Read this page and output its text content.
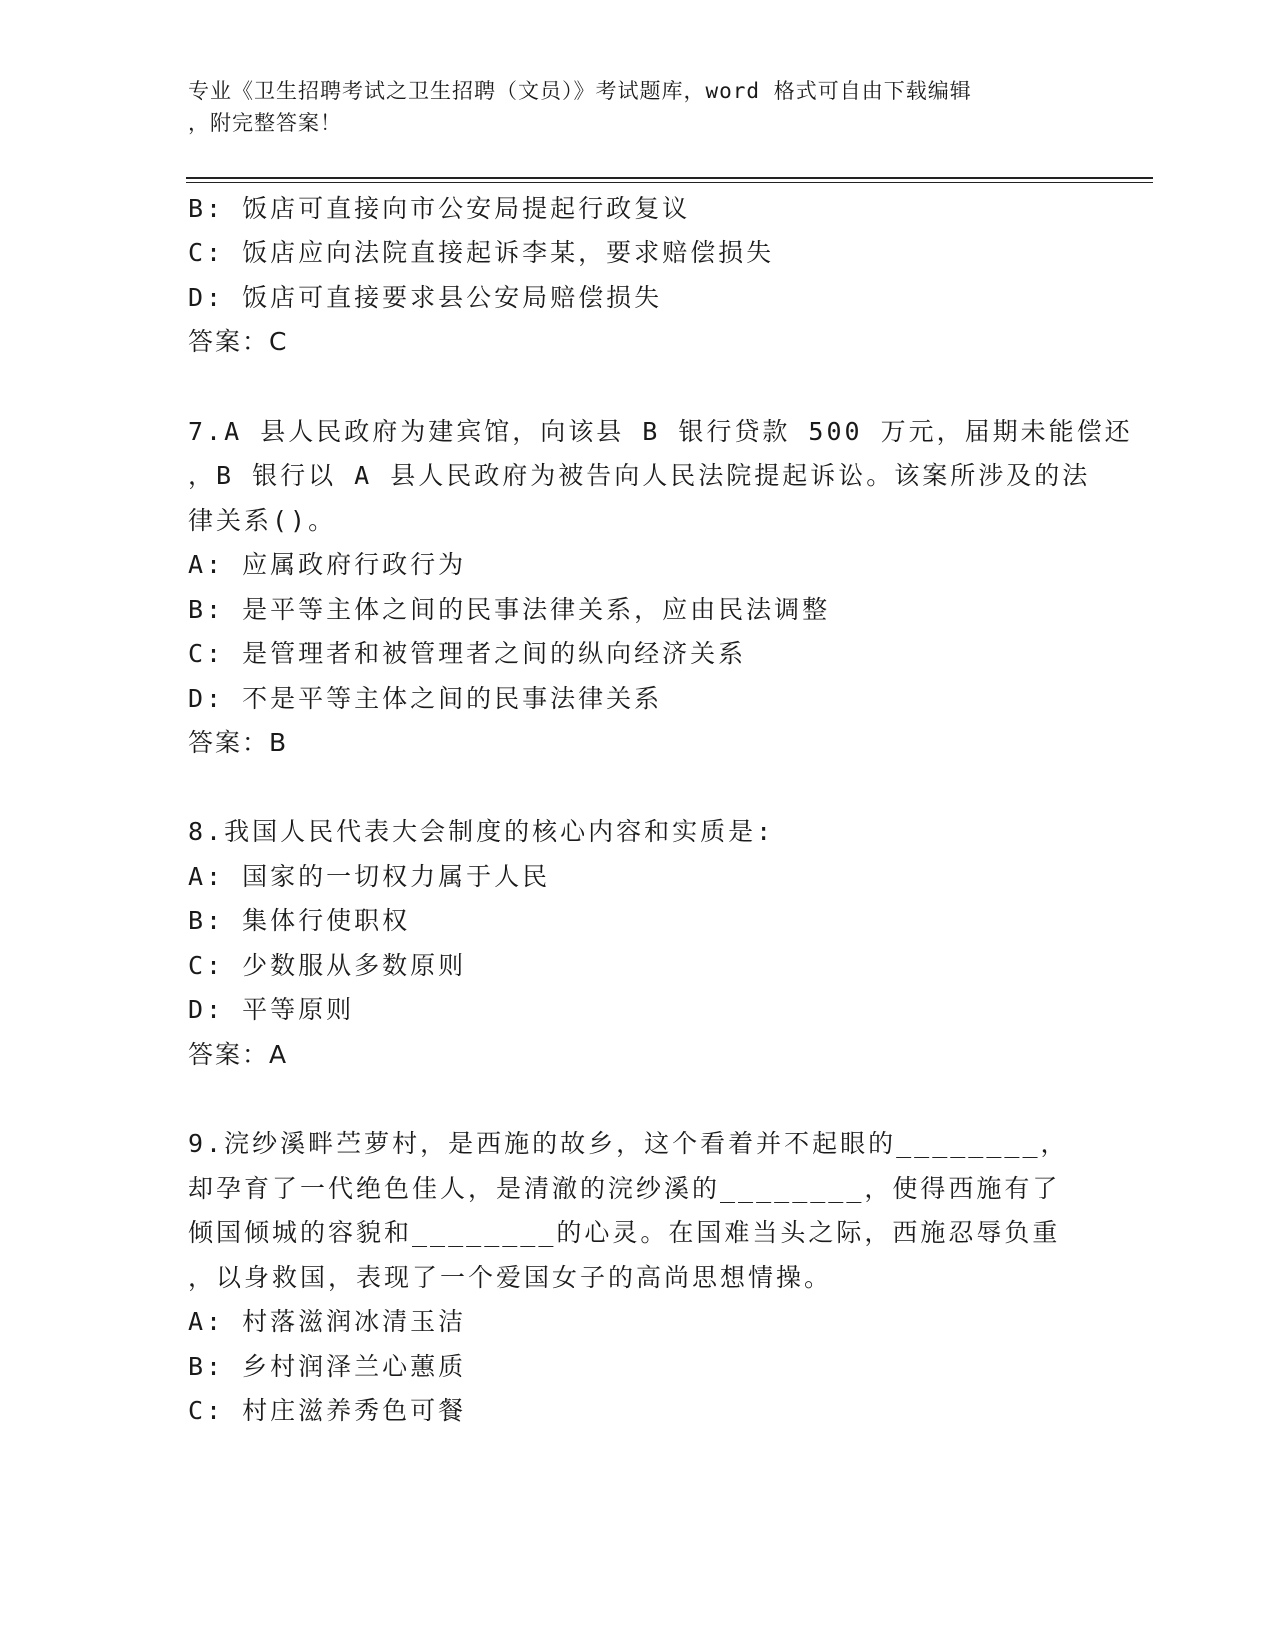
专业《卫生招聘考试之卫生招聘（文员）》考试题库，word 格式可自由下载编辑
，附完整答案！
B: 饭店可直接向市公安局提起行政复议
C: 饭店应向法院直接起诉李某，要求赔偿损失
D: 饭店可直接要求县公安局赔偿损失
答案：C
7.A 县人民政府为建宾馆，向该县 B 银行贷款 500 万元，届期未能偿还
，B 银行以 A 县人民政府为被告向人民法院提起诉讼。该案所涉及的法
律关系()。
A: 应属政府行政行为
B: 是平等主体之间的民事法律关系，应由民法调整
C: 是管理者和被管理者之间的纵向经济关系
D: 不是平等主体之间的民事法律关系
答案：B
8.我国人民代表大会制度的核心内容和实质是:
A: 国家的一切权力属于人民
B: 集体行使职权
C: 少数服从多数原则
D: 平等原则
答案：A
9.浣纱溪畔苎萝村，是西施的故乡，这个看着并不起眼的________，
却孕育了一代绝色佳人，是清澈的浣纱溪的________，使得西施有了
倾国倾城的容貌和________的心灵。在国难当头之际，西施忍辱负重
，以身救国，表现了一个爱国女子的高尚思想情操。
A: 村落滋润冰清玉洁
B: 乡村润泽兰心蕙质
C: 村庄滋养秀色可餐
